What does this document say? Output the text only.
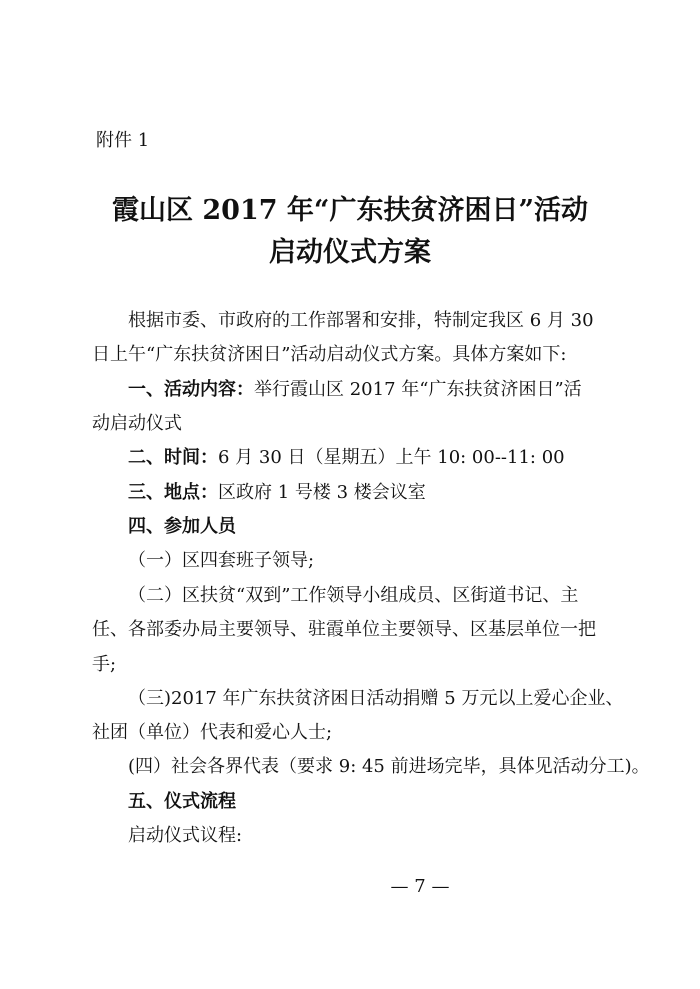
附件 1
霞山区 2017 年“广东扶贫济困日”活动
启动仪式方案
根据市委、市政府的工作部署和安排，特制定我区 6 月 30
日上午“广东扶贫济困日”活动启动仪式方案。具体方案如下:
一、活动内容：举行霞山区 2017 年“广东扶贫济困日”活
动启动仪式
二、时间：6 月 30 日（星期五）上午 10: 00--11: 00
三、地点：区政府 1 号楼 3 楼会议室
四、参加人员
（一）区四套班子领导;
（二）区扶贫“双到”工作领导小组成员、区街道书记、主
任、各部委办局主要领导、驻霞单位主要领导、区基层单位一把
手;
（三)2017 年广东扶贫济困日活动捐赠 5 万元以上爱心企业、
社团（单位）代表和爱心人士;
(四）社会各界代表（要求 9: 45 前进场完毕，具体见活动分工)。
五、仪式流程
启动仪式议程:
— 7 —
